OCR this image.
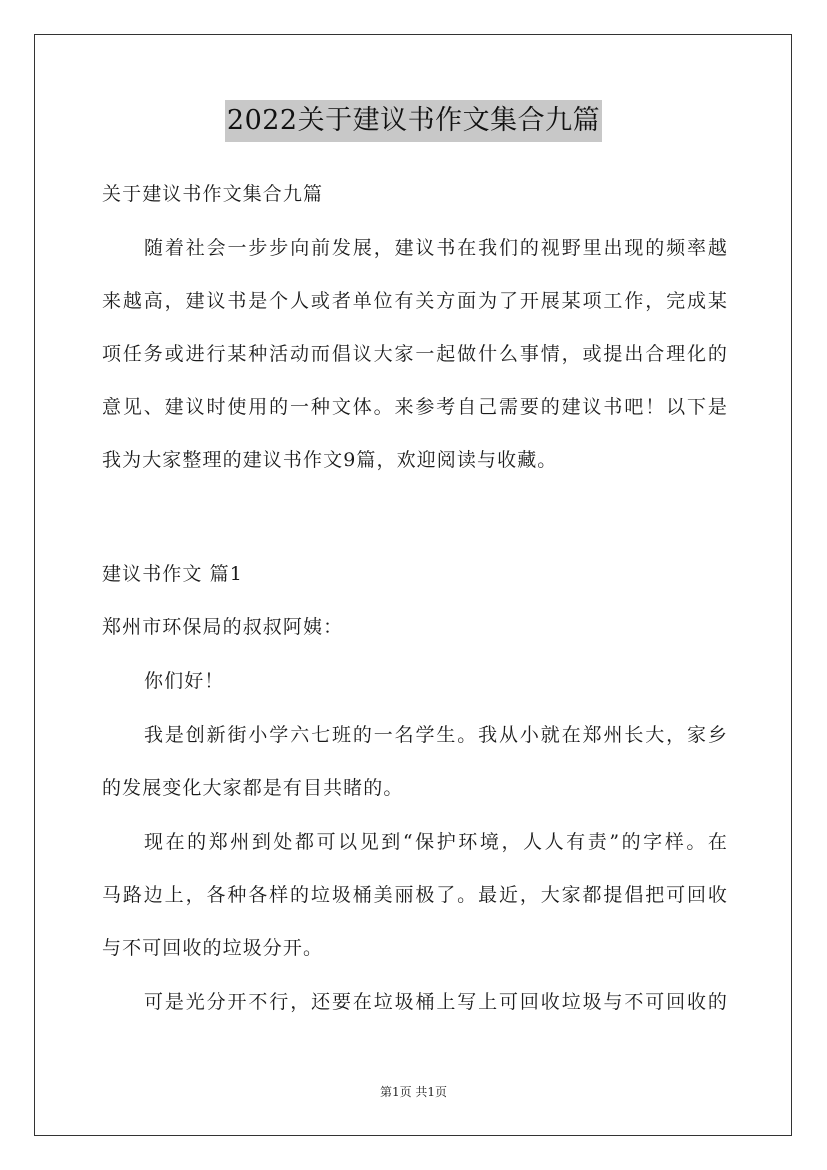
2022关于建议书作文集合九篇
关于建议书作文集合九篇
随着社会一步步向前发展，建议书在我们的视野里出现的频率越
来越高，建议书是个人或者单位有关方面为了开展某项工作，完成某
项任务或进行某种活动而倡议大家一起做什么事情，或提出合理化的
意见、建议时使用的一种文体。来参考自己需要的建议书吧！以下是
我为大家整理的建议书作文9篇，欢迎阅读与收藏。
建议书作文 篇1
郑州市环保局的叔叔阿姨：
你们好！
我是创新街小学六七班的一名学生。我从小就在郑州长大，家乡
的发展变化大家都是有目共睹的。
现在的郑州到处都可以见到“保护环境，人人有责”的字样。在
马路边上，各种各样的垃圾桶美丽极了。最近，大家都提倡把可回收
与不可回收的垃圾分开。
可是光分开不行，还要在垃圾桶上写上可回收垃圾与不可回收的
第1页 共1页
